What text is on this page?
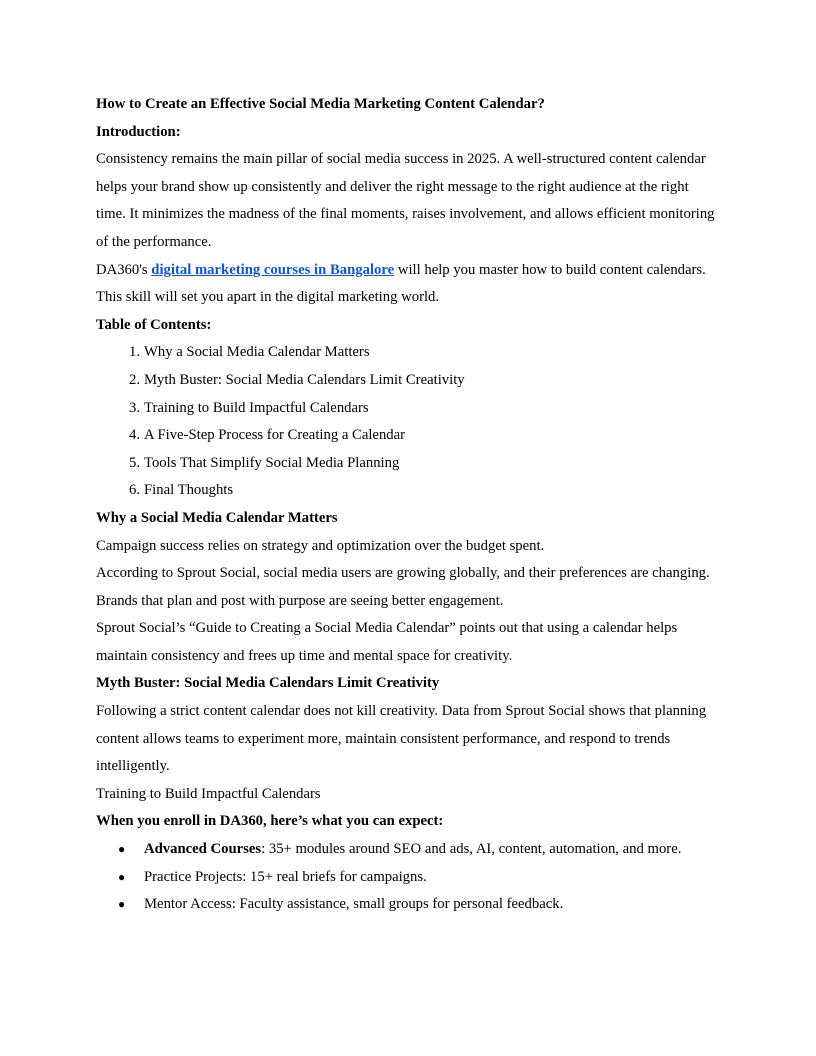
How to Create an Effective Social Media Marketing Content Calendar?

Introduction:

Consistency remains the main pillar of social media success in 2025. A well-structured content calendar helps your brand show up consistently and deliver the right message to the right audience at the right time. It minimizes the madness of the final moments, raises involvement, and allows efficient monitoring of the performance.

DA360's digital marketing courses in Bangalore will help you master how to build content calendars. This skill will set you apart in the digital marketing world.

Table of Contents:

1. Why a Social Media Calendar Matters
2. Myth Buster: Social Media Calendars Limit Creativity
3. Training to Build Impactful Calendars
4. A Five-Step Process for Creating a Calendar
5. Tools That Simplify Social Media Planning
6. Final Thoughts

Why a Social Media Calendar Matters

Campaign success relies on strategy and optimization over the budget spent.

According to Sprout Social, social media users are growing globally, and their preferences are changing. Brands that plan and post with purpose are seeing better engagement.

Sprout Social’s “Guide to Creating a Social Media Calendar” points out that using a calendar helps maintain consistency and frees up time and mental space for creativity.

Myth Buster: Social Media Calendars Limit Creativity

Following a strict content calendar does not kill creativity. Data from Sprout Social shows that planning content allows teams to experiment more, maintain consistent performance, and respond to trends intelligently.

Training to Build Impactful Calendars

When you enroll in DA360, here’s what you can expect:

● Advanced Courses: 35+ modules around SEO and ads, AI, content, automation, and more.
● Practice Projects: 15+ real briefs for campaigns.
● Mentor Access: Faculty assistance, small groups for personal feedback.
